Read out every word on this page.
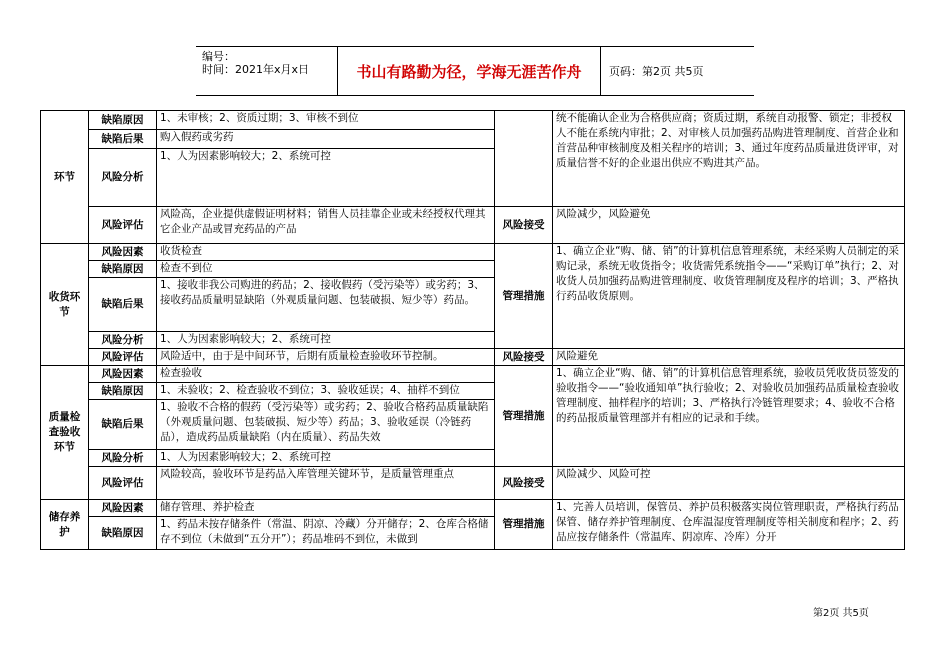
编号：
时间：2021年x月x日	书山有路勤为径，学海无涯苦作舟	页码：第2页 共5页
环节	缺陷原因	1、未审核；2、资质过期；3、审核不到位		统不能确认企业为合格供应商；资质过期，系统自动报警、锁定；非授权人不能在系统内审批；2、对审核人员加强药品购进管理制度、首营企业和首营品种审核制度及相关程序的培训；3、通过年度药品质量进货评审，对质量信誉不好的企业退出供应不购进其产品。
	缺陷后果	购入假药或劣药		
	风险分析	1、人为因素影响较大；2、系统可控		

	风险评估	风险高，企业提供虚假证明材料；销售人员挂靠企业或未经授权代理其它企业产品或冒充药品的产品	风险接受	风险减少，风险避免
收货环节	风险因素	收货检查	管理措施	1、确立企业“购、储、销”的计算机信息管理系统，未经采购人员制定的采购记录，系统无收货指令；收货需凭系统指令——“采购订单”执行；2、对收货人员加强药品购进管理制度、收货管理制度及程序的培训；3、严格执行药品收货原则。
	缺陷原因	检查不到位		
	缺陷后果	1、接收非我公司购进的药品；2、接收假药（受污染等）或劣药；3、接收药品质量明显缺陷（外观质量问题、包装破损、短少等）药品。		
	风险分析	1、人为因素影响较大；2、系统可控		
	风险评估	风险适中，由于是中间环节，后期有质量检查验收环节控制。	风险接受	风险避免
质量检查验收环节	风险因素	检查验收	管理措施	1、确立企业“购、储、销”的计算机信息管理系统，验收员凭收货员签发的验收指令——“验收通知单”执行验收；2、对验收员加强药品质量检查验收管理制度、抽样程序的培训；3、严格执行冷链管理要求；4、验收不合格的药品报质量管理部并有相应的记录和手续。
	缺陷原因	1、未验收；2、检查验收不到位；3、验收延误；4、抽样不到位		
	缺陷后果	1、验收不合格的假药（受污染等）或劣药；2、验收合格药品质量缺陷（外观质量问题、包装破损、短少等）药品；3、验收延误（冷链药品），造成药品质量缺陷（内在质量）、药品失效		
	风险分析	1、人为因素影响较大；2、系统可控		
	风险评估	风险较高，验收环节是药品入库管理关键环节，是质量管理重点	风险接受	风险减少、风险可控
储存养护	风险因素	储存管理、养护检查	管理措施	1、完善人员培训，保管员、养护员积极落实岗位管理职责，严格执行药品保管、储存养护管理制度、仓库温湿度管理制度等相关制度和程序；2、药品应按存储条件（常温库、阴凉库、冷库）分开
	缺陷原因	1、药品未按存储条件（常温、阴凉、冷藏）分开储存；2、仓库合格储存不到位（未做到“五分开”）；药品堆码不到位，未做到		
第2页 共5页
